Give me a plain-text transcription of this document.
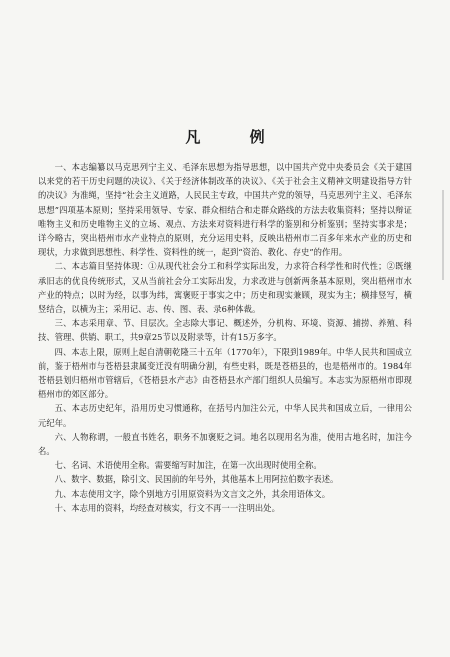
凡 例

一、本志编纂以马克思列宁主义、毛泽东思想为指导思想，以中国共产党中央委员会《关于建国以来党的若干历史问题的决议》、《关于经济体制改革的决议》、《关于社会主义精神文明建设指导方针的决议》为准绳，坚持“社会主义道路，人民民主专政，中国共产党的领导，马克思列宁主义、毛泽东思想”四项基本原则；坚持采用领导、专家、群众相结合和走群众路线的方法去收集资料；坚持以辩证唯物主义和历史唯物主义的立场、观点、方法来对资料进行科学的鉴别和分析鉴别；坚持实事求是；详今略古，突出梧州市水产业特点的原则，充分运用史料，反映出梧州市二百多年来水产业的历史和现状，力求做到思想性、科学性、资料性的统一，起到“资治、教化、存史”的作用。

二、本志篇目坚持体现：①从现代社会分工和科学实际出发，力求符合科学性和时代性；②既继承旧志的优良传统形式，又从当前社会分工实际出发，力求改进与创新两条基本原则，突出梧州市水产业的特点；以时为经，以事为纬，寓褒贬于事实之中；历史和现实兼顾，现实为主；横排竖写，横竖结合，以横为主；采用记、志、传、图、表、录6种体裁。

三、本志采用章、节、目层次。全志除大事记、概述外，分机构、环境、资源、捕捞、养殖、科技、管理、供销、职工，共9章25节以及附录等，计有15万多字。

四、本志上限，原则上起自清朝乾隆三十五年（1770年），下限到1989年。中华人民共和国成立前，鉴于梧州市与苍梧县隶属变迁没有明确分割，有些史料，既是苍梧县的，也是梧州市的。1984年苍梧县划归梧州市管辖后，《苍梧县水产志》由苍梧县水产部门组织人员编写。本志实为原梧州市即现梧州市的郊区部分。

五、本志历史纪年，沿用历史习惯通称，在括号内加注公元，中华人民共和国成立后，一律用公元纪年。

六、人物称谓，一般直书姓名，职务不加褒贬之词。地名以现用名为准，使用古地名时，加注今名。

七、名词、术语使用全称。需要缩写时加注，在第一次出现时使用全称。

八、数字、数据，除引文、民国前的年号外，其他基本上用阿拉伯数字表述。

九、本志使用文字，除个别地方引用原资料为文言文之外，其余用语体文。

十、本志用的资料，均经查对核实，行文不再一一注明出处。
